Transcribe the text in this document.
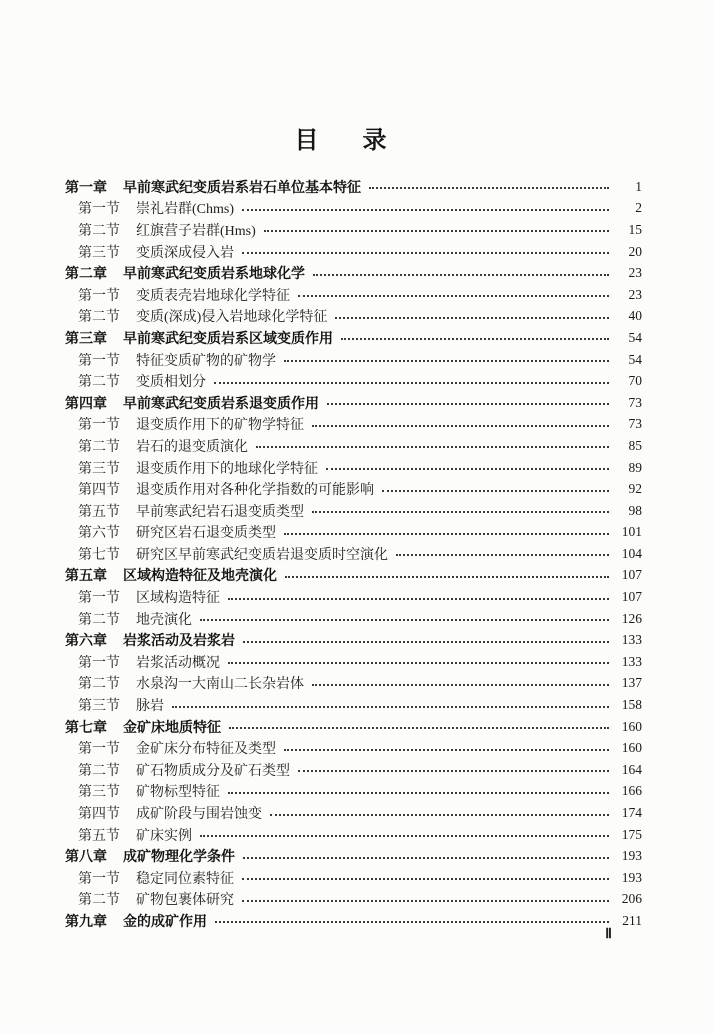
目 录
第一章 早前寒武纪变质岩系岩石单位基本特征	1
第一节 崇礼岩群(Chms)	2
第二节 红旗营子岩群(Hms)	15
第三节 变质深成侵入岩	20
第二章 早前寒武纪变质岩系地球化学	23
第一节 变质表壳岩地球化学特征	23
第二节 变质(深成)侵入岩地球化学特征	40
第三章 早前寒武纪变质岩系区域变质作用	54
第一节 特征变质矿物的矿物学	54
第二节 变质相划分	70
第四章 早前寒武纪变质岩系退变质作用	73
第一节 退变质作用下的矿物学特征	73
第二节 岩石的退变质演化	85
第三节 退变质作用下的地球化学特征	89
第四节 退变质作用对各种化学指数的可能影响	92
第五节 早前寒武纪岩石退变质类型	98
第六节 研究区岩石退变质类型	101
第七节 研究区早前寒武纪变质岩退变质时空演化	104
第五章 区域构造特征及地壳演化	107
第一节 区域构造特征	107
第二节 地壳演化	126
第六章 岩浆活动及岩浆岩	133
第一节 岩浆活动概况	133
第二节 水泉沟一大南山二长杂岩体	137
第三节 脉岩	158
第七章 金矿床地质特征	160
第一节 金矿床分布特征及类型	160
第二节 矿石物质成分及矿石类型	164
第三节 矿物标型特征	166
第四节 成矿阶段与围岩蚀变	174
第五节 矿床实例	175
第八章 成矿物理化学条件	193
第一节 稳定同位素特征	193
第二节 矿物包裹体研究	206
第九章 金的成矿作用	211
Ⅱ
